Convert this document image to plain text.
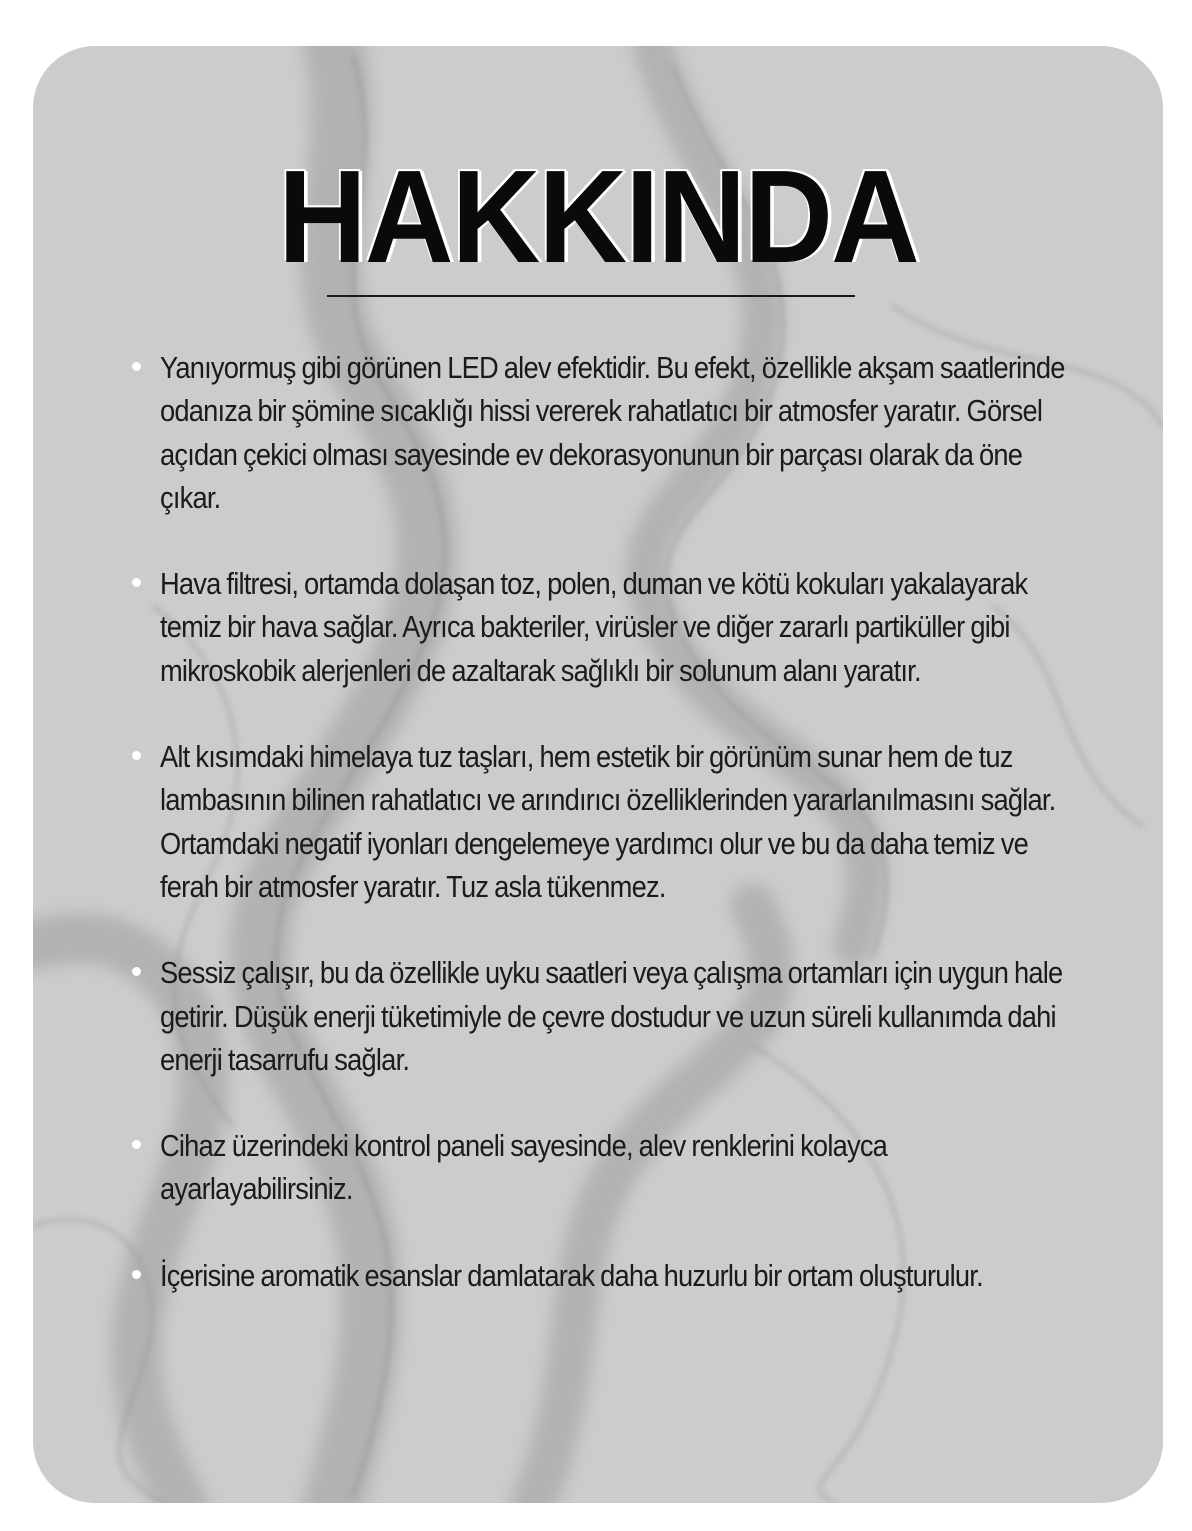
HAKKINDA
Yanıyormuş gibi görünen LED alev efektidir. Bu efekt, özellikle akşam saatlerinde odanıza bir şömine sıcaklığı hissi vererek rahatlatıcı bir atmosfer yaratır. Görsel açıdan çekici olması sayesinde ev dekorasyonunun bir parçası olarak da öne çıkar.
Hava filtresi, ortamda dolaşan toz, polen, duman ve kötü kokuları yakalayarak temiz bir hava sağlar. Ayrıca bakteriler, virüsler ve diğer zararlı partiküller gibi mikroskobik alerjenleri de azaltarak sağlıklı bir solunum alanı yaratır.
Alt kısımdaki himelaya tuz taşları, hem estetik bir görünüm sunar hem de tuz lambasının bilinen rahatlatıcı ve arındırıcı özelliklerinden yararlanılmasını sağlar. Ortamdaki negatif iyonları dengelemeye yardımcı olur ve bu da daha temiz ve ferah bir atmosfer yaratır. Tuz asla tükenmez.
Sessiz çalışır, bu da özellikle uyku saatleri veya çalışma ortamları için uygun hale getirir. Düşük enerji tüketimiyle de çevre dostudur ve uzun süreli kullanımda dahi enerji tasarrufu sağlar.
Cihaz üzerindeki kontrol paneli sayesinde, alev renklerini kolayca ayarlayabilirsiniz.
İçerisine aromatik esanslar damlatarak daha huzurlu bir ortam oluşturulur.
